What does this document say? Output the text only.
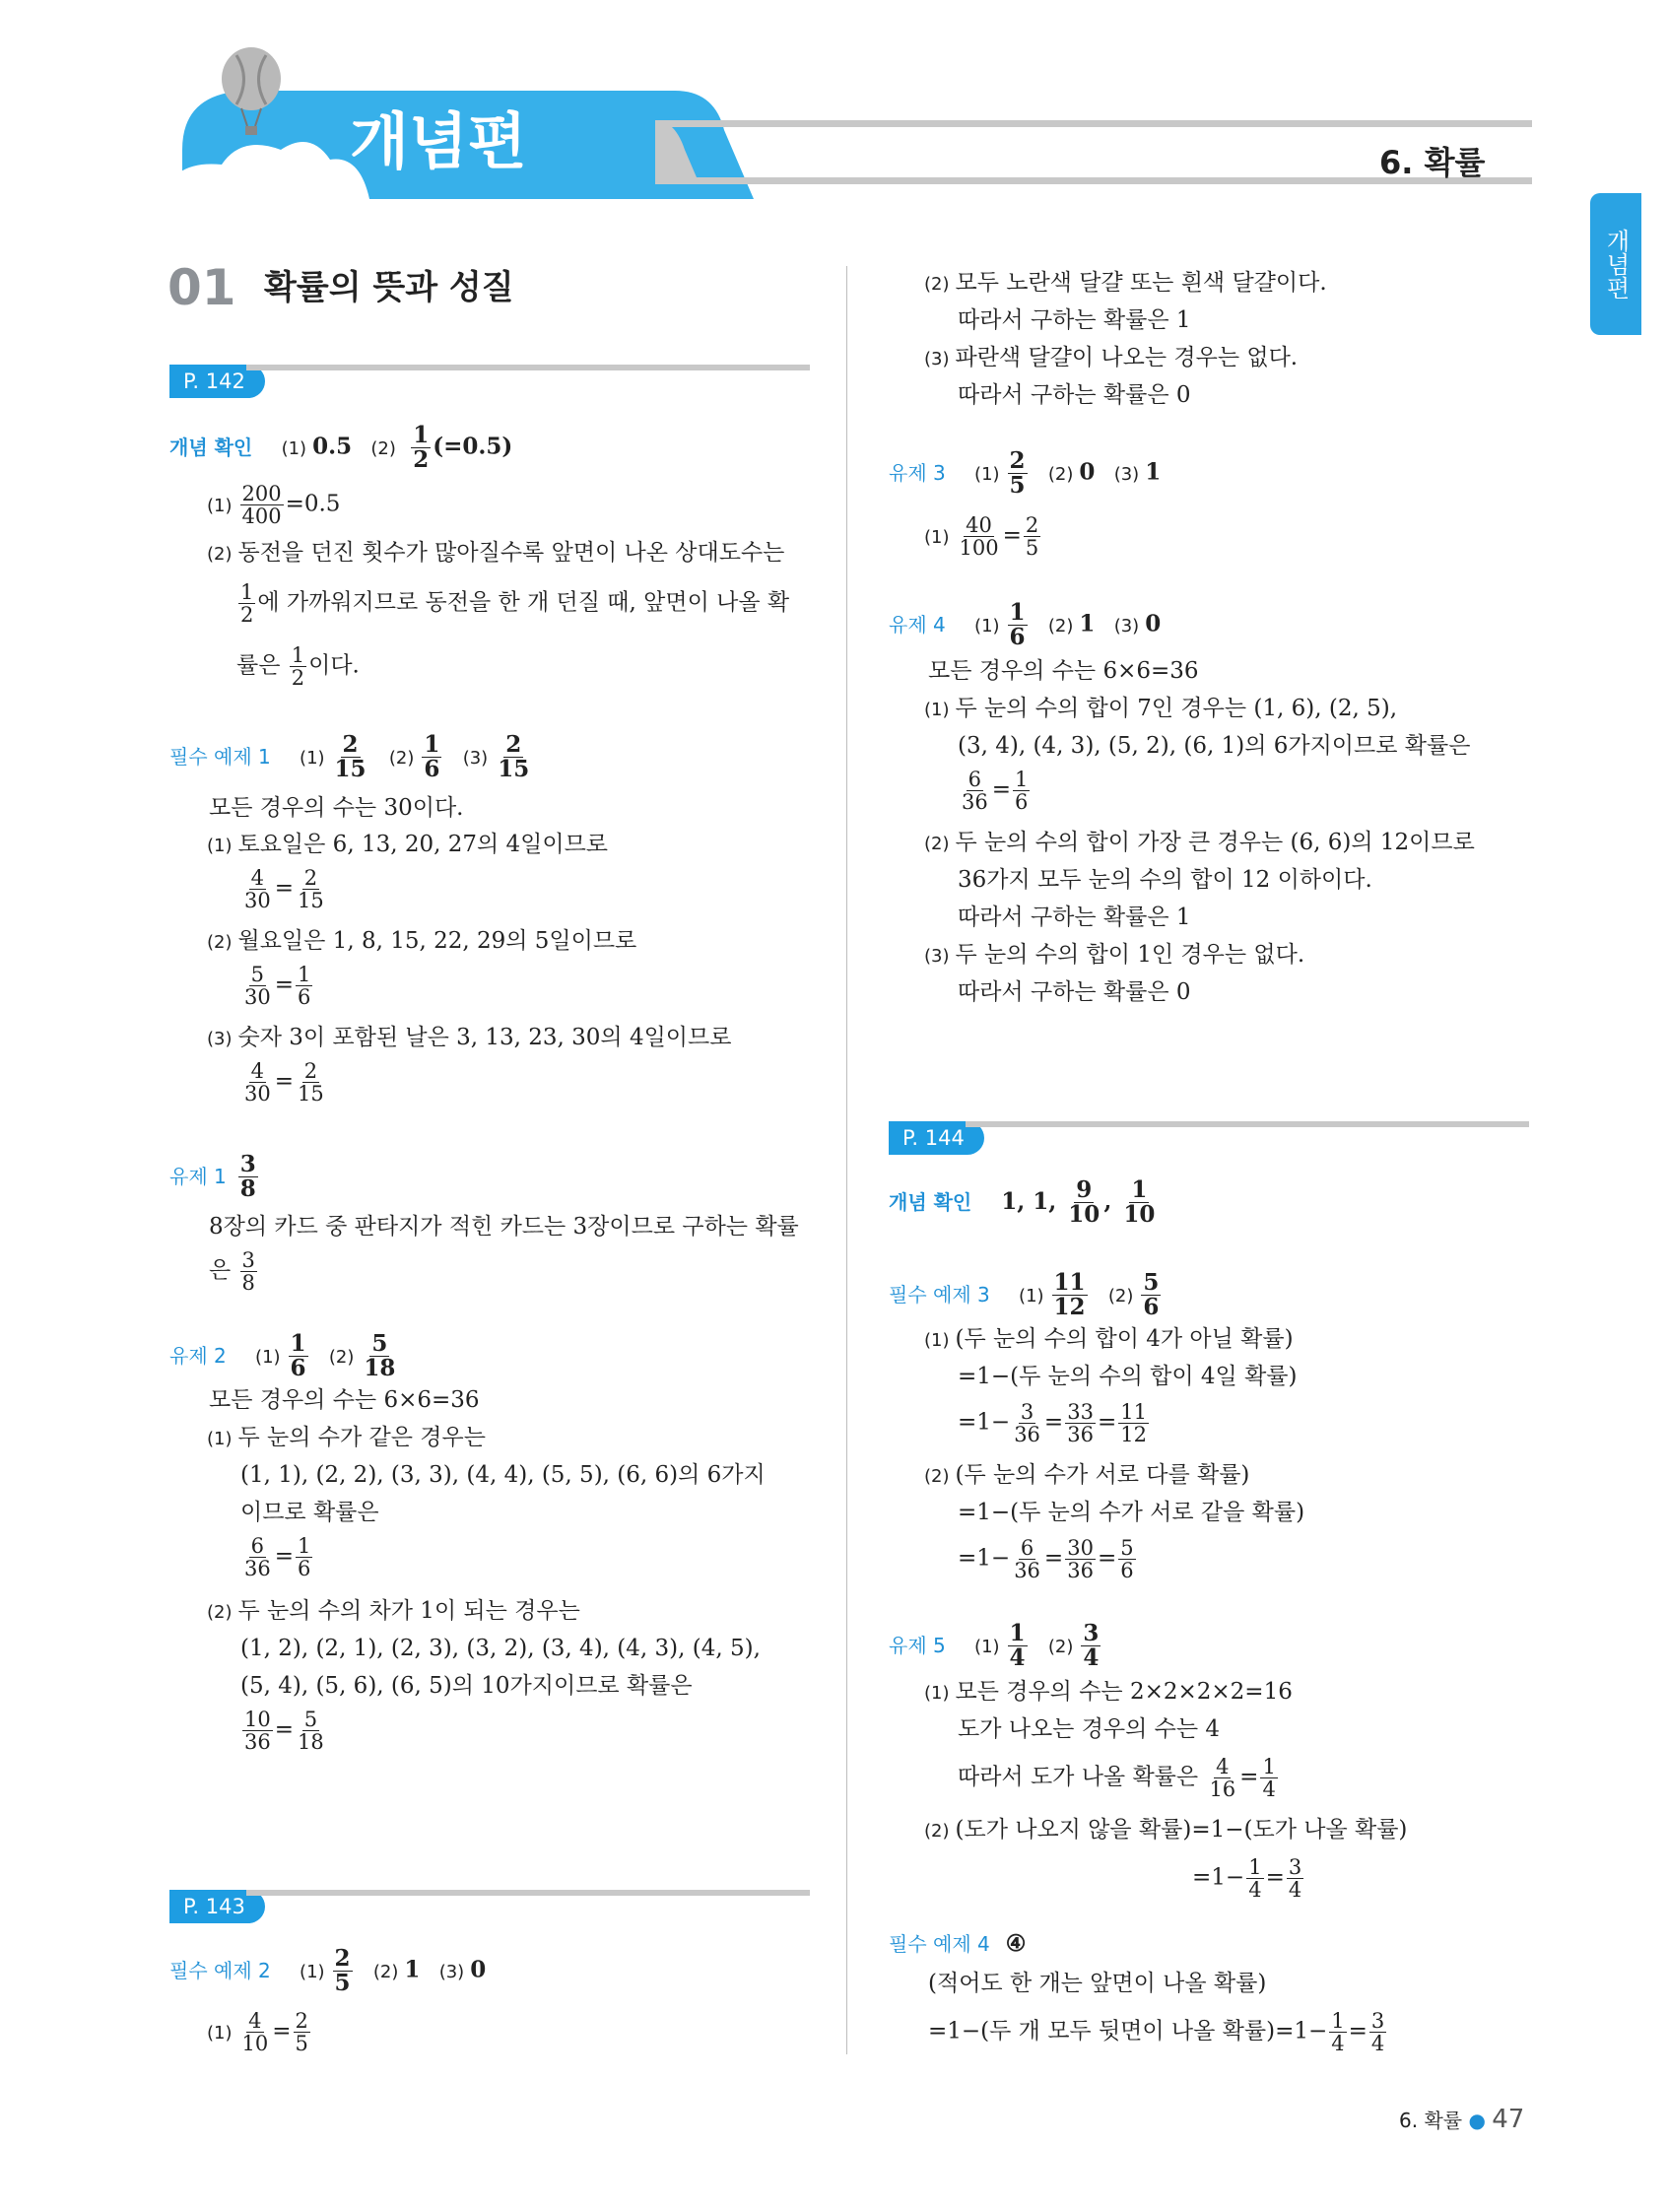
개념편	6. 확률
개념편
01 확률의 뜻과 성질
P. 142
개념 확인 (1) 0.5 $(2) \frac{1}{2} (=0.5)$
$(1) \frac{200}{400} =0.5$
(2) 동전을 던진 횟수가 많아질수록 앞면이 나온 상대도수는
$\frac{1}{2}$ 에 가까워지므로 동전을 한 개 던질 때, 앞면이 나올 확
률은 $\frac{1}{2}$ 이다.
필수 예제 1 $(1) \frac{2}{15} (2) \frac{1}{6} (3) \frac{2}{15}$
모든 경우의 수는 30이다.
(1) 토요일은 6, 13, 20, 27의 4일이므로
$\frac{4}{30} = \frac{2}{15}$
(2) 월요일은 1, 8, 15, 22, 29의 5일이므로
$\frac{5}{30} = \frac{1}{6}$
(3) 숫자 3이 포함된 날은 3, 13, 23, 30의 4일이므로
$\frac{4}{30} = \frac{2}{15}$
유제 $1 \frac{3}{8}$
8장의 카드 중 판타지가 적힌 카드는 3장이므로 구하는 확률
은 $\frac{3}{8}$
유제 2 $(1) \frac{1}{6} (2) \frac{5}{18}$
모든 경우의 수는 6×6=36
(1) 두 눈의 수가 같은 경우는
(1, 1), (2, 2), (3, 3), (4, 4), (5, 5), (6, 6)의 6가지
이므로 확률은
$\frac{6}{36} = \frac{1}{6}$
(2) 두 눈의 수의 차가 1이 되는 경우는
(1, 2), (2, 1), (2, 3), (3, 2), (3, 4), (4, 3), (4, 5),
(5, 4), (5, 6), (6, 5)의 10가지이므로 확률은
$\frac{10}{36} = \frac{5}{18}$
P. 143
필수 예제 2 $(1) \frac{2}{5} (2)$ 1 (3) 0
$(1) \frac{4}{10} = \frac{2}{5}$
(2) 모두 노란색 달걀 또는 흰색 달걀이다.
따라서 구하는 확률은 1
(3) 파란색 달걀이 나오는 경우는 없다.
따라서 구하는 확률은 0
유제 3 $(1) \frac{2}{5} (2)$ 0 (3) 1
$(1) \frac{40}{100} = \frac{2}{5}$
유제 4 $(1) \frac{1}{6} (2)$ 1 (3) 0
모든 경우의 수는 6×6=36
(1) 두 눈의 수의 합이 7인 경우는 (1, 6), (2, 5),
(3, 4), (4, 3), (5, 2), (6, 1)의 6가지이므로 확률은
$\frac{6}{36} = \frac{1}{6}$
(2) 두 눈의 수의 합이 가장 큰 경우는 (6, 6)의 12이므로
36가지 모두 눈의 수의 합이 12 이하이다.
따라서 구하는 확률은 1
(3) 두 눈의 수의 합이 1인 경우는 없다.
따라서 구하는 확률은 0
P. 144
개념 확인 1, 1, $\frac{9}{10}$ , $\frac{1}{10}$
필수 예제 3 $(1) \frac{11}{12} (2) \frac{5}{6}$
(1) (두 눈의 수의 합이 4가 아닐 확률)
=1−(두 눈의 수의 합이 4일 확률)
$=1- \frac{3}{36} = \frac{33}{36} = \frac{11}{12}$
(2) (두 눈의 수가 서로 다를 확률)
=1−(두 눈의 수가 서로 같을 확률)
$=1- \frac{6}{36} = \frac{30}{36} = \frac{5}{6}$
유제 5 $(1) \frac{1}{4} (2) \frac{3}{4}$
(1) 모든 경우의 수는 2×2×2×2=16
도가 나오는 경우의 수는 4
따라서 도가 나올 확률은 $\frac{4}{16} = \frac{1}{4}$
(2) (도가 나오지 않을 확률)=1−(도가 나올 확률)
$=1- \frac{1}{4} = \frac{3}{4}$
필수 예제 4 ④
(적어도 한 개는 앞면이 나올 확률)
=1−(두 개 모두 뒷면이 나올 확률)$=1- \frac{1}{4} = \frac{3}{4}$
6. 확률 ● 47
